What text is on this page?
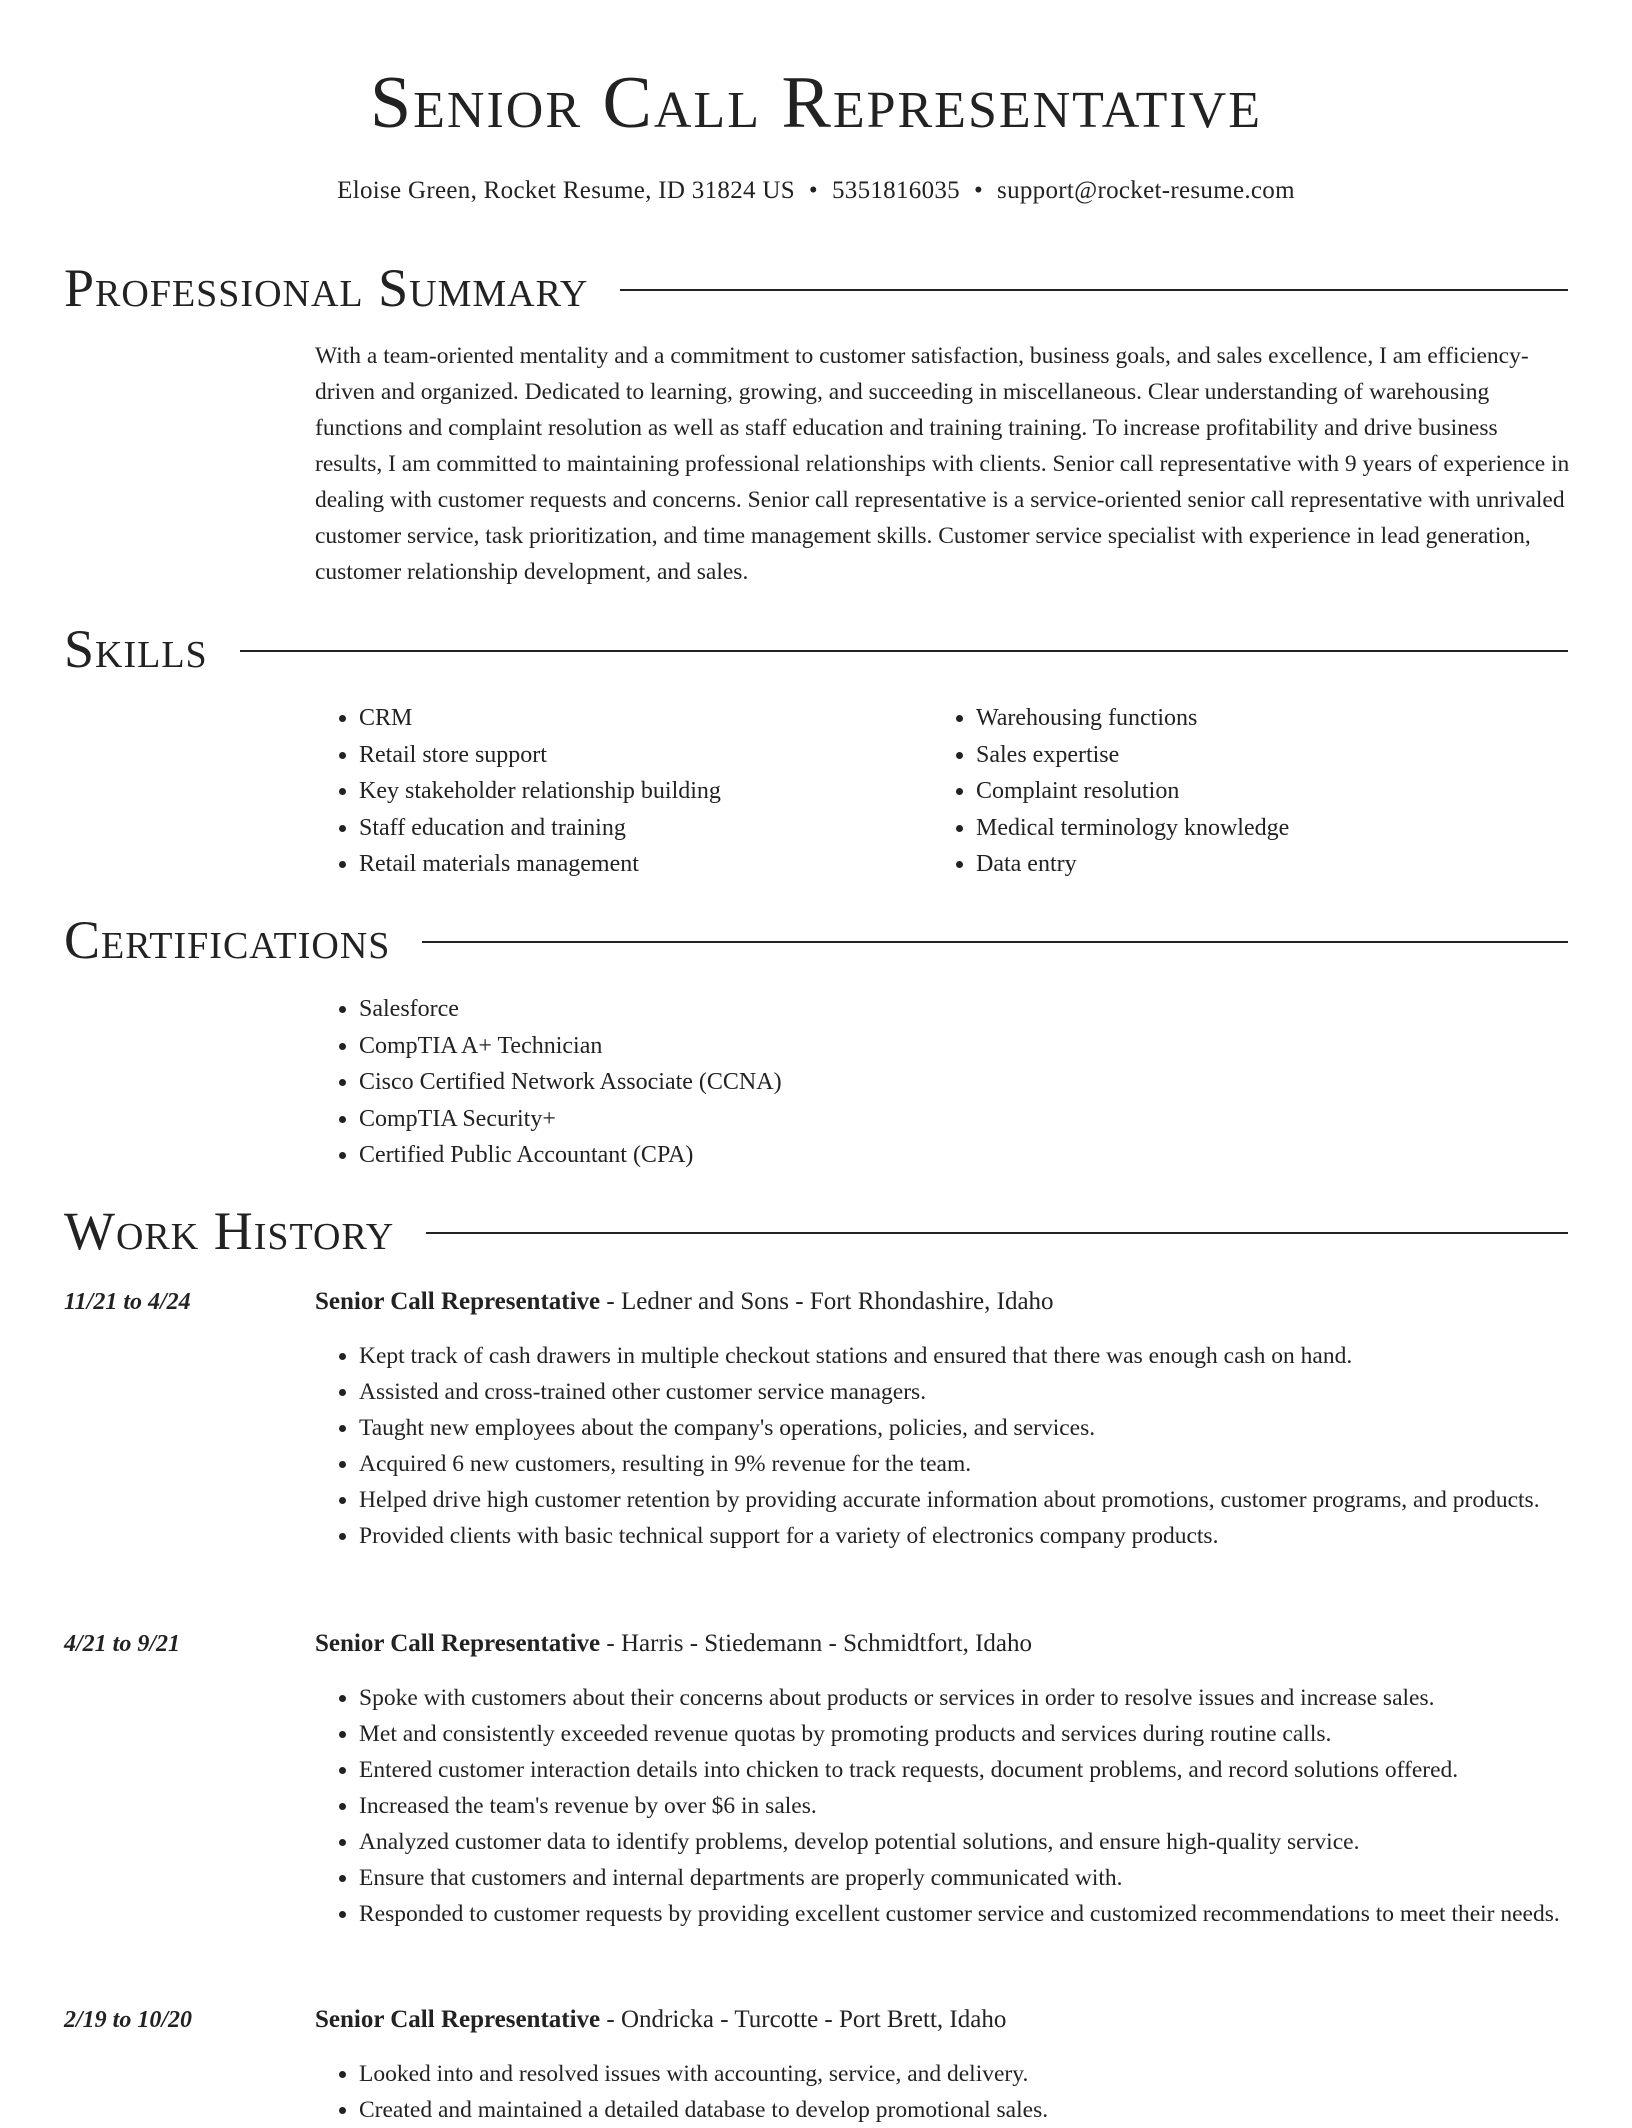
Senior Call Representative
Eloise Green, Rocket Resume, ID 31824 US • 5351816035 • support@rocket-resume.com
Professional Summary

With a team-oriented mentality and a commitment to customer satisfaction, business goals, and sales excellence, I am efficiency-driven and organized. Dedicated to learning, growing, and succeeding in miscellaneous. Clear understanding of warehousing functions and complaint resolution as well as staff education and training training. To increase profitability and drive business results, I am committed to maintaining professional relationships with clients. Senior call representative with 9 years of experience in dealing with customer requests and concerns. Senior call representative is a service-oriented senior call representative with unrivaled customer service, task prioritization, and time management skills. Customer service specialist with experience in lead generation, customer relationship development, and sales.

Skills
• CRM
• Retail store support
• Key stakeholder relationship building
• Staff education and training
• Retail materials management
• Warehousing functions
• Sales expertise
• Complaint resolution
• Medical terminology knowledge
• Data entry
Certifications
• Salesforce
• CompTIA A+ Technician
• Cisco Certified Network Associate (CCNA)
• CompTIA Security+
• Certified Public Accountant (CPA)
Work History
11/21 to 4/24	Senior Call Representative - Ledner and Sons - Fort Rhondashire, Idaho
• Kept track of cash drawers in multiple checkout stations and ensured that there was enough cash on hand.
• Assisted and cross-trained other customer service managers.
• Taught new employees about the company's operations, policies, and services.
• Acquired 6 new customers, resulting in 9% revenue for the team.
• Helped drive high customer retention by providing accurate information about promotions, customer programs, and products.
• Provided clients with basic technical support for a variety of electronics company products.
4/21 to 9/21	Senior Call Representative - Harris - Stiedemann - Schmidtfort, Idaho
• Spoke with customers about their concerns about products or services in order to resolve issues and increase sales.
• Met and consistently exceeded revenue quotas by promoting products and services during routine calls.
• Entered customer interaction details into chicken to track requests, document problems, and record solutions offered.
• Increased the team's revenue by over $6 in sales.
• Analyzed customer data to identify problems, develop potential solutions, and ensure high-quality service.
• Ensure that customers and internal departments are properly communicated with.
• Responded to customer requests by providing excellent customer service and customized recommendations to meet their needs.
2/19 to 10/20	Senior Call Representative - Ondricka - Turcotte - Port Brett, Idaho
• Looked into and resolved issues with accounting, service, and delivery.
• Created and maintained a detailed database to develop promotional sales.
